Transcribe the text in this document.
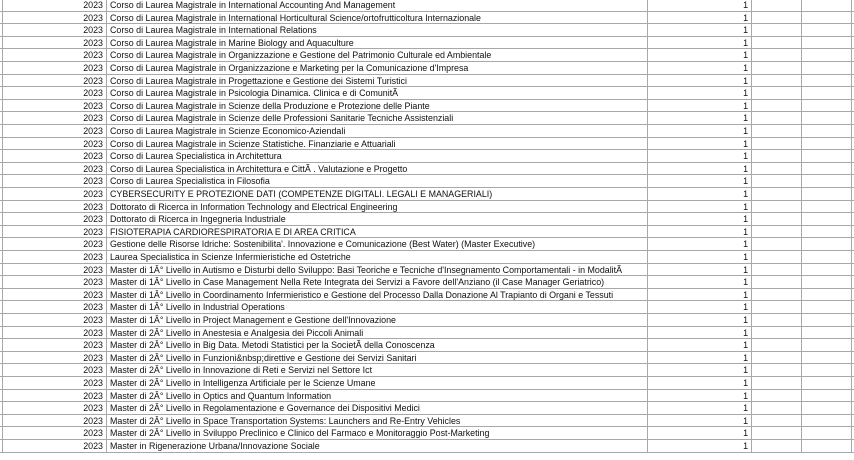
2023 Corso di Laurea Magistrale in International Accounting And Management	1
2023 Corso di Laurea Magistrale in International Horticultural Science/ortofrutticoltura Internazionale	1
2023 Corso di Laurea Magistrale in International Relations	1
2023 Corso di Laurea Magistrale in Marine Biology and Aquaculture	1
2023 Corso di Laurea Magistrale in Organizzazione e Gestione del Patrimonio Culturale ed Ambientale	1
2023 Corso di Laurea Magistrale in Organizzazione e Marketing per la Comunicazione d'Impresa	1
2023 Corso di Laurea Magistrale in Progettazione e Gestione dei Sistemi Turistici	1
2023 Corso di Laurea Magistrale in Psicologia Dinamica. Clinica e di ComunitÃ	1
2023 Corso di Laurea Magistrale in Scienze della Produzione e Protezione delle Piante	1
2023 Corso di Laurea Magistrale in Scienze delle Professioni Sanitarie Tecniche Assistenziali	1
2023 Corso di Laurea Magistrale in Scienze Economico-Aziendali	1
2023 Corso di Laurea Magistrale in Scienze Statistiche. Finanziarie e Attuariali	1
2023 Corso di Laurea Specialistica in Architettura	1
2023 Corso di Laurea Specialistica in Architettura e CittÃ . Valutazione e Progetto	1
2023 Corso di Laurea Specialistica in Filosofia	1
2023 CYBERSECURITY E PROTEZIONE DATI (COMPETENZE DIGITALI. LEGALI E MANAGERIALI)	1
2023 Dottorato di Ricerca in Information Technology and Electrical Engineering	1
2023 Dottorato di Ricerca in Ingegneria Industriale	1
2023 FISIOTERAPIA CARDIORESPIRATORIA E DI AREA CRITICA	1
2023 Gestione delle Risorse Idriche: Sostenibilita'. Innovazione e Comunicazione (Best Water) (Master Executive)	1
2023 Laurea Specialistica in Scienze Infermieristiche ed Ostetriche	1
2023 Master di 1Â° Livello in Autismo e Disturbi dello Sviluppo: Basi Teoriche e Tecniche d'Insegnamento Comportamentali - in ModalitÃ	1
2023 Master di 1Â° Livello in Case Management Nella Rete Integrata dei Servizi a Favore dell'Anziano (il Case Manager Geriatrico)	1
2023 Master di 1Â° Livello in Coordinamento Infermieristico e Gestione del Processo Dalla Donazione Al Trapianto di Organi e Tessuti	1
2023 Master di 1Â° Livello in Industrial Operations	1
2023 Master di 1Â° Livello in Project Management e Gestione dell'Innovazione	1
2023 Master di 2Â° Livello in Anestesia e Analgesia dei Piccoli Animali	1
2023 Master di 2Â° Livello in Big Data. Metodi Statistici per la SocietÃ della Conoscenza	1
2023 Master di 2Â° Livello in Funzioni&nbsp;direttive e Gestione dei Servizi Sanitari	1
2023 Master di 2Â° Livello in Innovazione di Reti e Servizi nel Settore Ict	1
2023 Master di 2Â° Livello in Intelligenza Artificiale per le Scienze Umane	1
2023 Master di 2Â° Livello in Optics and Quantum Information	1
2023 Master di 2Â° Livello in Regolamentazione e Governance dei Dispositivi Medici	1
2023 Master di 2Â° Livello in Space Transportation Systems: Launchers and Re-Entry Vehicles	1
2023 Master di 2Â° Livello in Sviluppo Preclinico e Clinico del Farmaco e Monitoraggio Post-Marketing	1
2023 Master in Rigenerazione Urbana/Innovazione Sociale	1
